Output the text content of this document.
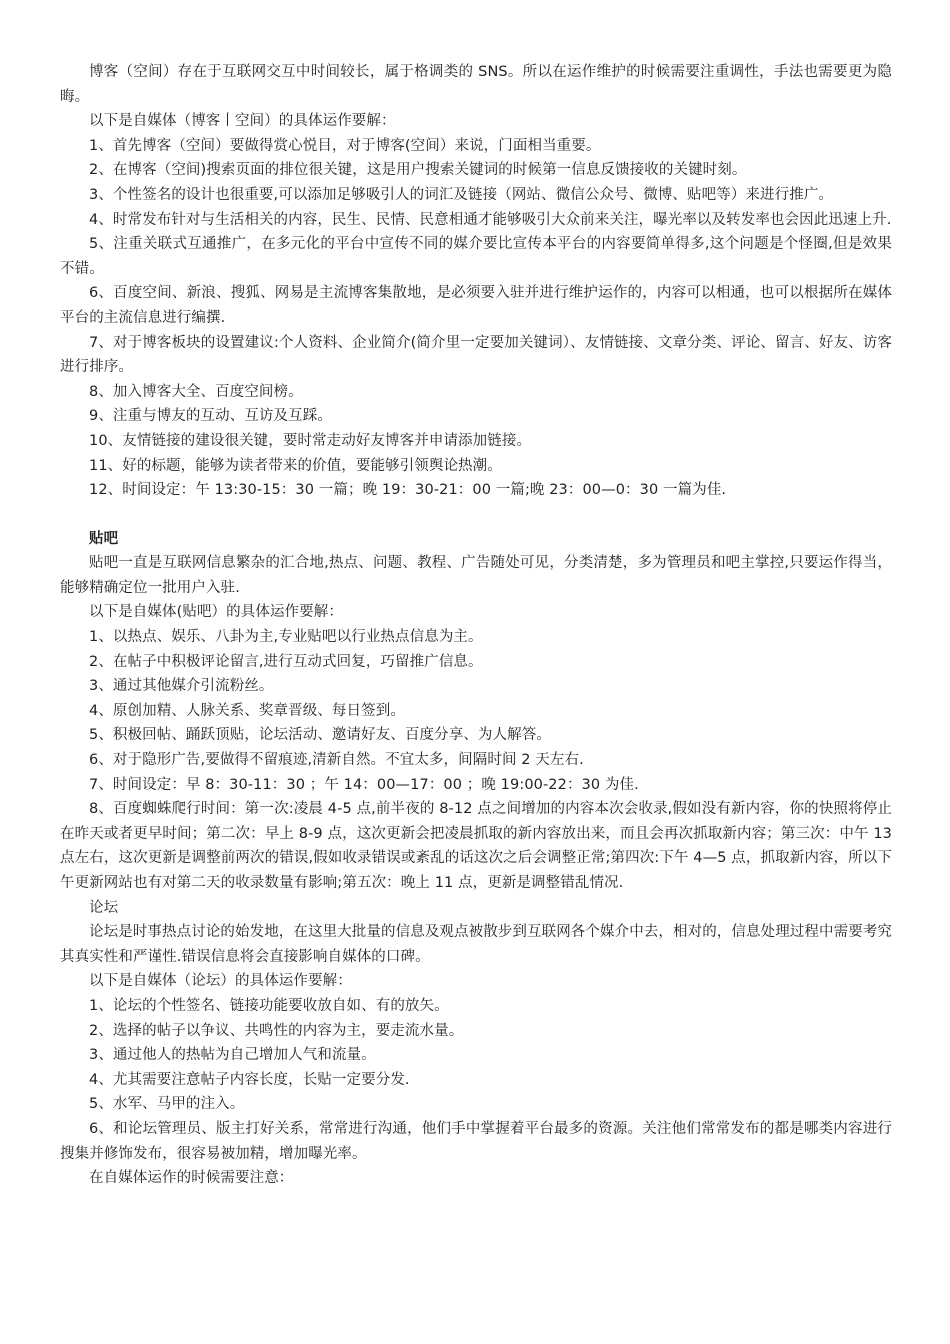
博客（空间）存在于互联网交互中时间较长，属于格调类的 SNS。所以在运作维护的时候需要注重调性，手法也需要更为隐晦。

以下是自媒体（博客丨空间）的具体运作要解：

1、首先博客（空间）要做得赏心悦目，对于博客(空间）来说，门面相当重要。

2、在博客（空间)搜索页面的排位很关键，这是用户搜索关键词的时候第一信息反馈接收的关键时刻。

3、个性签名的设计也很重要,可以添加足够吸引人的词汇及链接（网站、微信公众号、微博、贴吧等）来进行推广。

4、时常发布针对与生活相关的内容，民生、民情、民意相通才能够吸引大众前来关注，曝光率以及转发率也会因此迅速上升.

5、注重关联式互通推广，在多元化的平台中宣传不同的媒介要比宣传本平台的内容要简单得多,这个问题是个怪圈,但是效果不错。

6、百度空间、新浪、搜狐、网易是主流博客集散地，是必须要入驻并进行维护运作的，内容可以相通，也可以根据所在媒体平台的主流信息进行编撰.

7、对于博客板块的设置建议:个人资料、企业简介(简介里一定要加关键词）、友情链接、文章分类、评论、留言、好友、访客进行排序。

8、加入博客大全、百度空间榜。

9、注重与博友的互动、互访及互踩。

10、友情链接的建设很关键，要时常走动好友博客并申请添加链接。

11、好的标题，能够为读者带来的价值，要能够引领舆论热潮。

12、时间设定：午 13:30-15：30 一篇；晚 19：30-21：00 一篇;晚 23：00—0：30 一篇为佳.

贴吧

贴吧一直是互联网信息繁杂的汇合地,热点、问题、教程、广告随处可见，分类清楚，多为管理员和吧主掌控,只要运作得当，能够精确定位一批用户入驻.

以下是自媒体(贴吧）的具体运作要解：

1、以热点、娱乐、八卦为主,专业贴吧以行业热点信息为主。

2、在帖子中积极评论留言,进行互动式回复，巧留推广信息。

3、通过其他媒介引流粉丝。

4、原创加精、人脉关系、奖章晋级、每日签到。

5、积极回帖、踊跃顶贴，论坛活动、邀请好友、百度分享、为人解答。

6、对于隐形广告,要做得不留痕迹,清新自然。不宜太多，间隔时间 2 天左右.

7、时间设定：早 8：30-11：30 ；午 14：00—17：00 ；晚 19:00-22：30 为佳.

8、百度蜘蛛爬行时间：第一次:凌晨 4-5 点,前半夜的 8-12 点之间增加的内容本次会收录,假如没有新内容，你的快照将停止在昨天或者更早时间；第二次：早上 8-9 点，这次更新会把凌晨抓取的新内容放出来，而且会再次抓取新内容；第三次：中午 13 点左右，这次更新是调整前两次的错误,假如收录错误或紊乱的话这次之后会调整正常;第四次:下午 4—5 点，抓取新内容，所以下午更新网站也有对第二天的收录数量有影响;第五次：晚上 11 点，更新是调整错乱情况.

论坛

论坛是时事热点讨论的始发地，在这里大批量的信息及观点被散步到互联网各个媒介中去，相对的，信息处理过程中需要考究其真实性和严谨性.错误信息将会直接影响自媒体的口碑。

以下是自媒体（论坛）的具体运作要解：

1、论坛的个性签名、链接功能要收放自如、有的放矢。

2、选择的帖子以争议、共鸣性的内容为主，要走流水量。

3、通过他人的热帖为自己增加人气和流量。

4、尤其需要注意帖子内容长度，长贴一定要分发.

5、水军、马甲的注入。

6、和论坛管理员、版主打好关系，常常进行沟通，他们手中掌握着平台最多的资源。关注他们常常发布的都是哪类内容进行搜集并修饰发布，很容易被加精，增加曝光率。

在自媒体运作的时候需要注意：
